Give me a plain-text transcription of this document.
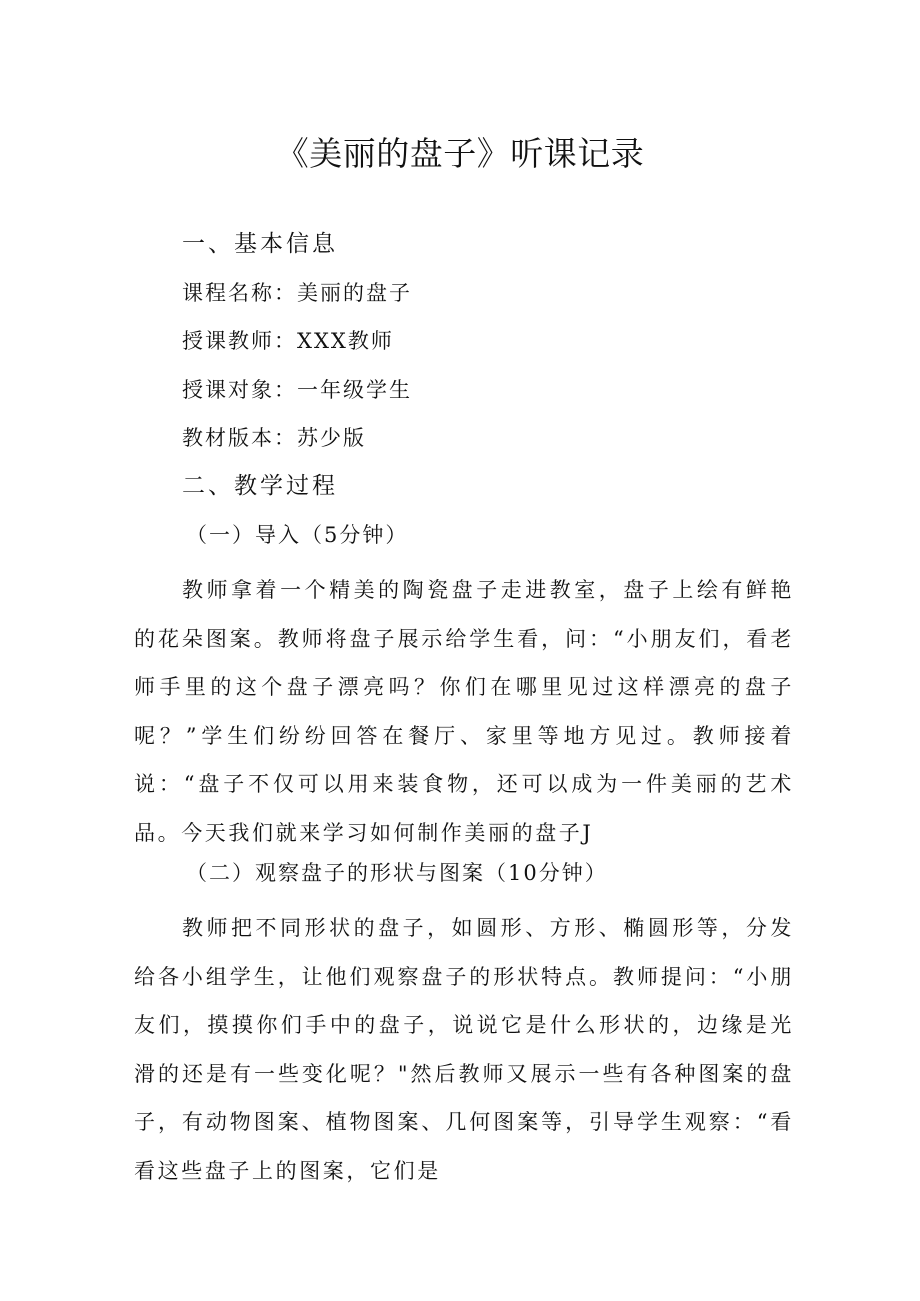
《美丽的盘子》听课记录
一、基本信息
课程名称：美丽的盘子
授课教师：XXX教师
授课对象：一年级学生
教材版本：苏少版
二、教学过程
（一）导入（5分钟）
教师拿着一个精美的陶瓷盘子走进教室，盘子上绘有鲜艳的花朵图案。教师将盘子展示给学生看，问：“小朋友们，看老师手里的这个盘子漂亮吗？你们在哪里见过这样漂亮的盘子呢？”学生们纷纷回答在餐厅、家里等地方见过。教师接着说：“盘子不仅可以用来装食物，还可以成为一件美丽的艺术品。今天我们就来学习如何制作美丽的盘子J
（二）观察盘子的形状与图案（10分钟）
教师把不同形状的盘子，如圆形、方形、椭圆形等，分发给各小组学生，让他们观察盘子的形状特点。教师提问：“小朋友们，摸摸你们手中的盘子，说说它是什么形状的，边缘是光滑的还是有一些变化呢？"然后教师又展示一些有各种图案的盘子，有动物图案、植物图案、几何图案等，引导学生观察：“看看这些盘子上的图案，它们是
